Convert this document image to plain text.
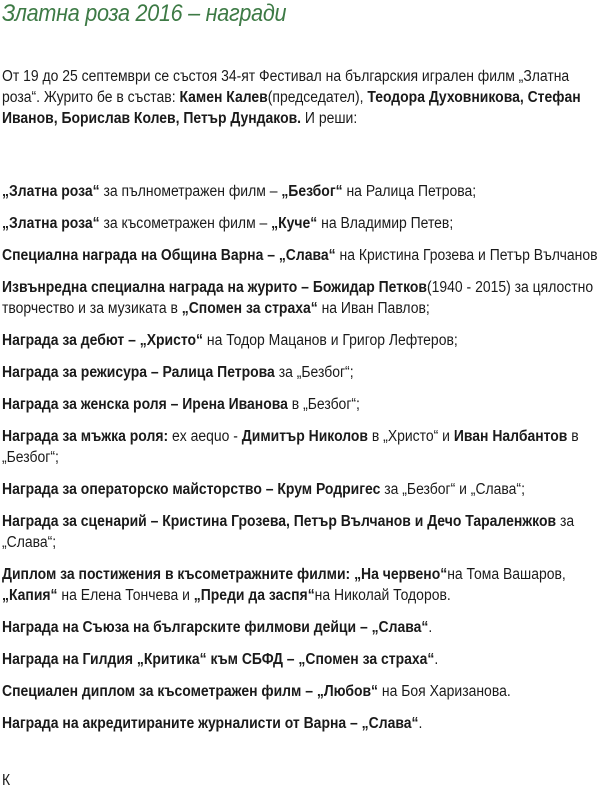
Златна роза 2016 – награди

От 19 до 25 септември се състоя 34-ят Фестивал на българския игрален филм „Златна роза“. Журито бе в състав: Камен Калев(председател), Теодора Духовникова, Стефан Иванов, Борислав Колев, Петър Дундаков. И реши:

„Златна роза“ за пълнометражен филм – „Безбог“ на Ралица Петрова;
„Златна роза“ за късометражен филм – „Куче“ на Владимир Петев;
Специална награда на Община Варна – „Слава“ на Кристина Грозева и Петър Вълчанов
Извънредна специална награда на журито – Божидар Петков(1940 - 2015) за цялостно творчество и за музиката в „Спомен за страха“ на Иван Павлов;
Награда за дебют – „Христо“ на Тодор Мацанов и Григор Лефтеров;
Награда за режисура – Ралица Петрова за „Безбог“;
Награда за женска роля – Ирена Иванова в „Безбог“;
Награда за мъжка роля: ex aequo - Димитър Николов в „Христо“ и Иван Налбантов в „Безбог“;
Награда за операторско майсторство – Крум Родригес за „Безбог“ и „Слава“;
Награда за сценарий – Кристина Грозева, Петър Вълчанов и Дечо Тараленжков за „Слава“;
Диплом за постижения в късометражните филми: „На червено“на Тома Вашаров, „Капия“ на Елена Тончева и „Преди да заспя“на Николай Тодоров.
Награда на Съюза на българските филмови дейци – „Слава“.
Награда на Гилдия „Критика“ към СБФД – „Спомен за страха“.
Специален диплом за късометражен филм – „Любов“ на Боя Харизанова.
Награда на акредитираните журналисти от Варна – „Слава“.
К
